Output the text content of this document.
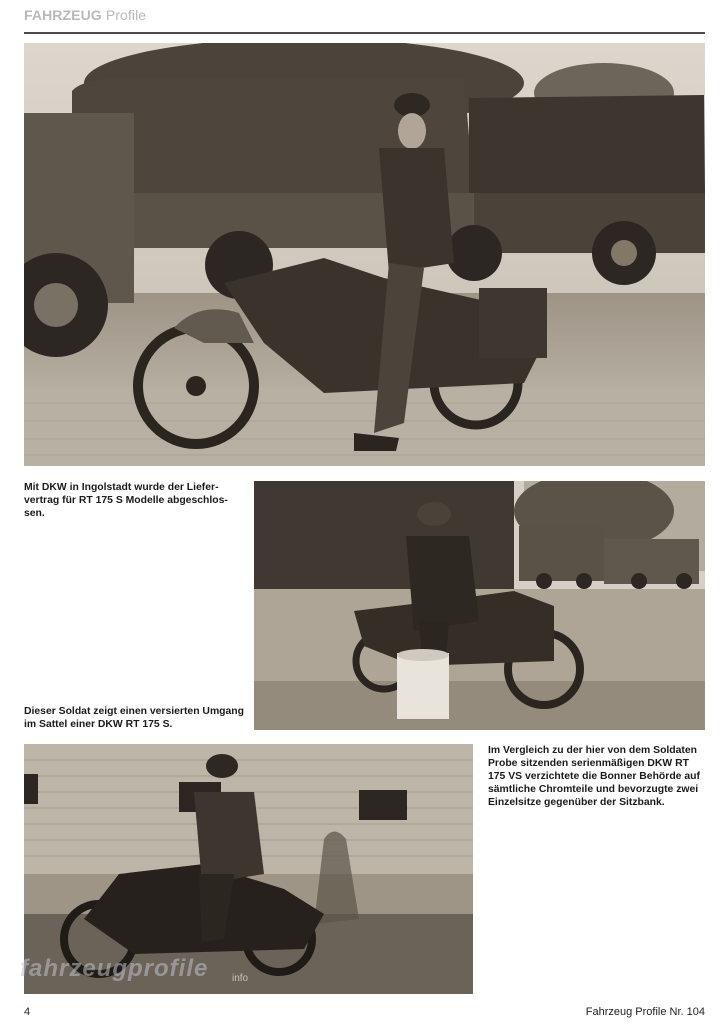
FAHRZEUG Profile
Mit DKW in Ingolstadt wurde der Liefer-vertrag für RT 175 S Modelle abgeschlos-sen.
Dieser Soldat zeigt einen versierten Umgang im Sattel einer DKW RT 175 S.
Im Vergleich zu der hier von dem Soldaten Probe sitzenden serienmäßigen DKW RT 175 VS verzichtete die Bonner Behörde auf sämtliche Chromteile und bevorzugte zwei Einzelsitze gegenüber der Sitzbank.
fahrzeugprofile info
4	Fahrzeug Profile Nr. 104
